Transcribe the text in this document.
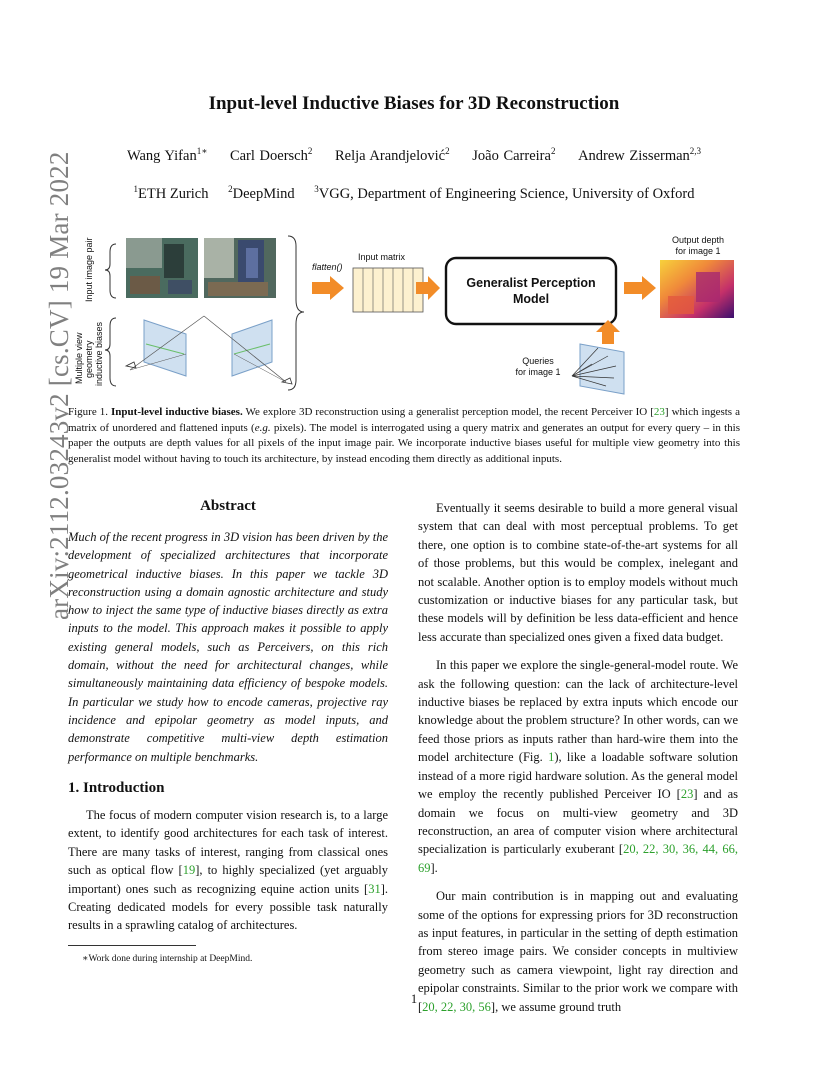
Input-level Inductive Biases for 3D Reconstruction
Wang Yifan$^{1∗}$ Carl Doersch$^2$ Relja Arandjelović$^2$ João Carreira$^2$ Andrew Zisserman$^{2,3}$
$^1$ETH Zurich $^2$DeepMind $^3$VGG, Department of Engineering Science, University of Oxford
arXiv:2112.03243v2 [cs.CV] 19 Mar 2022 Input image pair
Multiple view geometry inductive biases
flatten()
Input matrix
Generalist Perception
Model
Output depth
for image 1
Queries
for image 1
Figure 1. Input-level inductive biases. We explore 3D reconstruction using a generalist perception model, the recent Perceiver IO [23] which ingests a matrix of unordered and flattened inputs (e.g. pixels). The model is interrogated using a query matrix and generates an output for every query – in this paper the outputs are depth values for all pixels of the input image pair. We incorporate inductive biases useful for multiple view geometry into this generalist model without having to touch its architecture, by instead encoding them directly as additional inputs.
Abstract
Much of the recent progress in 3D vision has been driven by the development of specialized architectures that incorporate geometrical inductive biases. In this paper we tackle 3D reconstruction using a domain agnostic architecture and study how to inject the same type of inductive biases directly as extra inputs to the model. This approach makes it possible to apply existing general models, such as Perceivers, on this rich domain, without the need for architectural changes, while simultaneously maintaining data efficiency of bespoke models. In particular we study how to encode cameras, projective ray incidence and epipolar geometry as model inputs, and demonstrate competitive multi-view depth estimation performance on multiple benchmarks.
1. Introduction

The focus of modern computer vision research is, to a large extent, to identify good architectures for each task of interest. There are many tasks of interest, ranging from classical ones such as optical flow [19], to highly specialized (yet arguably important) ones such as recognizing equine action units [31]. Creating dedicated models for every possible task naturally results in a sprawling catalog of architectures.

Eventually it seems desirable to build a more general visual system that can deal with most perceptual problems. To get there, one option is to combine state-of-the-art systems for all of those problems, but this would be complex, inelegant and not scalable. Another option is to employ models without much customization or inductive biases for any particular task, but these models will by definition be less data-efficient and hence less accurate than specialized ones given a fixed data budget.

In this paper we explore the single-general-model route. We ask the following question: can the lack of architecture-level inductive biases be replaced by extra inputs which encode our knowledge about the problem structure? In other words, can we feed those priors as inputs rather than hard-wire them into the model architecture (Fig. 1), like a loadable software solution instead of a more rigid hardware solution. As the general model we employ the recently published Perceiver IO [23] and as domain we focus on multi-view geometry and 3D reconstruction, an area of computer vision where architectural specialization is particularly exuberant [20, 22, 30, 36, 44, 66, 69].

Our main contribution is in mapping out and evaluating some of the options for expressing priors for 3D reconstruction as input features, in particular in the setting of depth estimation from stereo image pairs. We consider concepts in multiview geometry such as camera viewpoint, light ray direction and epipolar constraints. Similar to the prior work we compare with [20, 22, 30, 56], we assume ground truth

∗Work done during internship at DeepMind.
1
